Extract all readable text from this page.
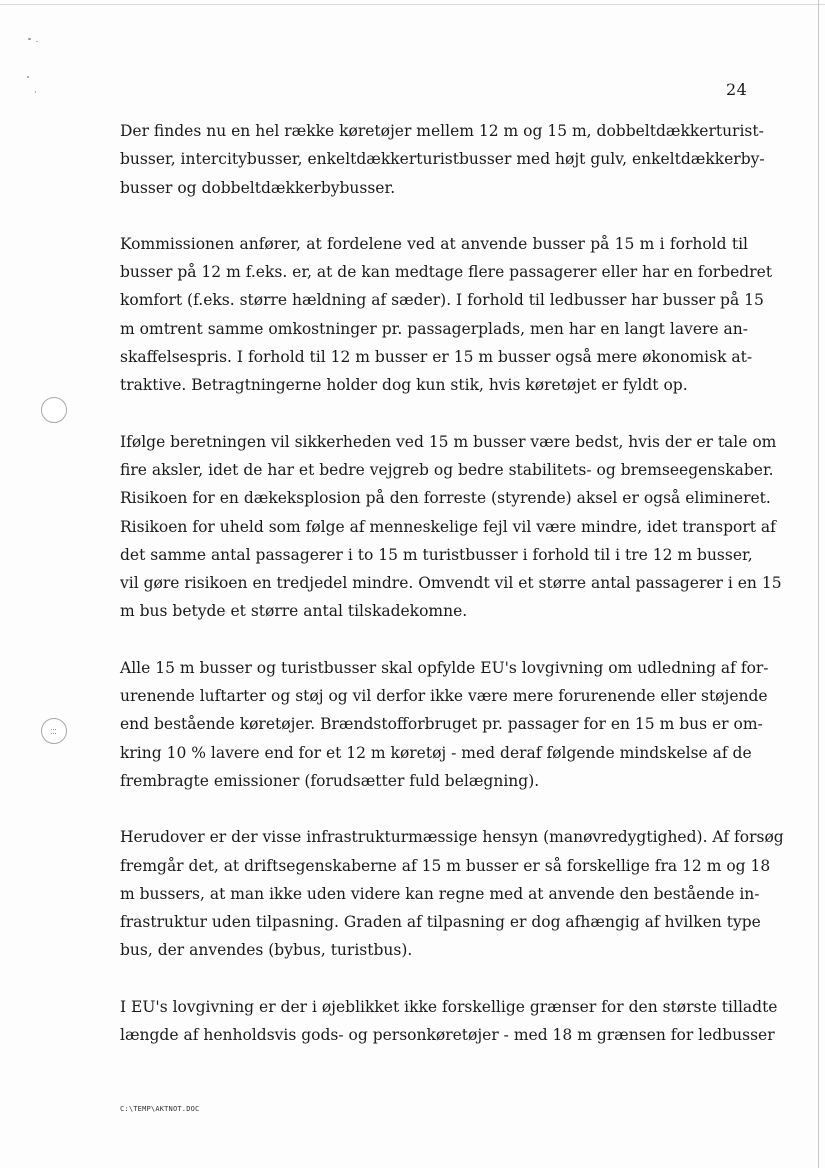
24

Der findes nu en hel række køretøjer mellem 12 m og 15 m, dobbeltdækkerturist-
busser, intercitybusser, enkeltdækkerturistbusser med højt gulv, enkeltdækkerby-
busser og dobbeltdækkerbybusser.

Kommissionen anfører, at fordelene ved at anvende busser på 15 m i forhold til
busser på 12 m f.eks. er, at de kan medtage flere passagerer eller har en forbedret
komfort (f.eks. større hældning af sæder). I forhold til ledbusser har busser på 15
m omtrent samme omkostninger pr. passagerplads, men har en langt lavere an-
skaffelsespris. I forhold til 12 m busser er 15 m busser også mere økonomisk at-
traktive. Betragtningerne holder dog kun stik, hvis køretøjet er fyldt op.

Ifølge beretningen vil sikkerheden ved 15 m busser være bedst, hvis der er tale om
fire aksler, idet de har et bedre vejgreb og bedre stabilitets- og bremseegenskaber.
Risikoen for en dækeksplosion på den forreste (styrende) aksel er også elimineret.
Risikoen for uheld som følge af menneskelige fejl vil være mindre, idet transport af
det samme antal passagerer i to 15 m turistbusser i forhold til i tre 12 m busser,
vil gøre risikoen en tredjedel mindre. Omvendt vil et større antal passagerer i en 15
m bus betyde et større antal tilskadekomne.

Alle 15 m busser og turistbusser skal opfylde EU's lovgivning om udledning af for-
urenende luftarter og støj og vil derfor ikke være mere forurenende eller støjende
end bestående køretøjer. Brændstofforbruget pr. passager for en 15 m bus er om-
kring 10 % lavere end for et 12 m køretøj - med deraf følgende mindskelse af de
frembragte emissioner (forudsætter fuld belægning).

Herudover er der visse infrastrukturmæssige hensyn (manøvredygtighed). Af forsøg
fremgår det, at driftsegenskaberne af 15 m busser er så forskellige fra 12 m og 18
m bussers, at man ikke uden videre kan regne med at anvende den bestående in-
frastruktur uden tilpasning. Graden af tilpasning er dog afhængig af hvilken type
bus, der anvendes (bybus, turistbus).

I EU's lovgivning er der i øjeblikket ikke forskellige grænser for den største tilladte
længde af henholdsvis gods- og personkøretøjer - med 18 m grænsen for ledbusser

C:\TEMP\AKTNOT.DOC
